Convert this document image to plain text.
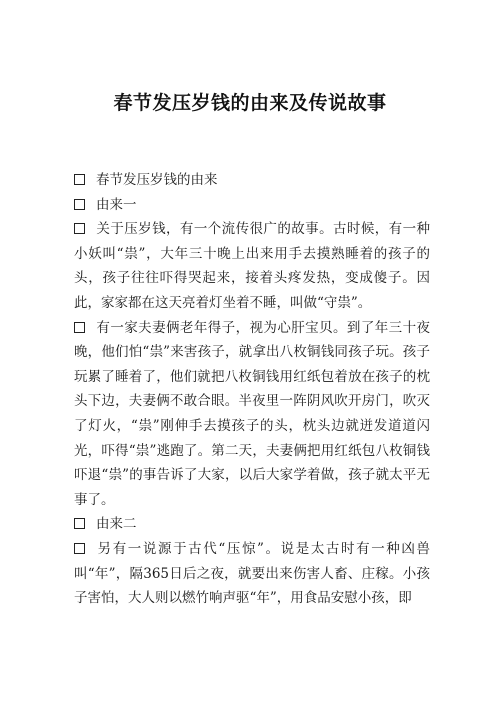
春节发压岁钱的由来及传说故事

春节发压岁钱的由来

由来一

关于压岁钱，有一个流传很广的故事。古时候，有一种小妖叫“祟”，大年三十晚上出来用手去摸熟睡着的孩子的头，孩子往往吓得哭起来，接着头疼发热，变成傻子。因此，家家都在这天亮着灯坐着不睡，叫做“守祟”。

有一家夫妻俩老年得子，视为心肝宝贝。到了年三十夜晚，他们怕“祟”来害孩子，就拿出八枚铜钱同孩子玩。孩子玩累了睡着了，他们就把八枚铜钱用红纸包着放在孩子的枕头下边，夫妻俩不敢合眼。半夜里一阵阴风吹开房门，吹灭了灯火，“祟”刚伸手去摸孩子的头，枕头边就迸发道道闪光，吓得“祟”逃跑了。第二天，夫妻俩把用红纸包八枚铜钱吓退“祟”的事告诉了大家，以后大家学着做，孩子就太平无事了。

由来二

另有一说源于古代“压惊”。说是太古时有一种凶兽叫“年”，隔365日后之夜，就要出来伤害人畜、庄稼。小孩子害怕，大人则以燃竹响声驱“年”，用食品安慰小孩，即
